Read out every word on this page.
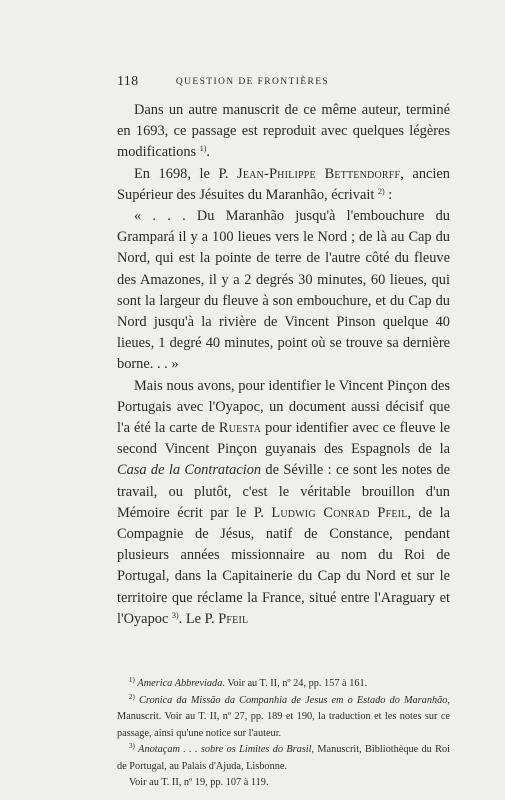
118	QUESTION DE FRONTIÈRES

Dans un autre manuscrit de ce même auteur, terminé en 1693, ce passage est reproduit avec quelques légères modifications $^{1)}$.

En 1698, le P. Jean-Philippe Bettendorff, ancien Supérieur des Jésuites du Maranhão, écrivait $^{2)}$ :

« . . . Du Maranhão jusqu'à l'embouchure du Grampará il y a 100 lieues vers le Nord ; de là au Cap du Nord, qui est la pointe de terre de l'autre côté du fleuve des Amazones, il y a 2 degrés 30 minutes, 60 lieues, qui sont la largeur du fleuve à son embouchure, et du Cap du Nord jusqu'à la rivière de Vincent Pinson quelque 40 lieues, 1 degré 40 minutes, point où se trouve sa dernière borne. . . »

Mais nous avons, pour identifier le Vincent Pinçon des Portugais avec l'Oyapoc, un document aussi décisif que l'a été la carte de Ruesta pour identifier avec ce fleuve le second Vincent Pinçon guyanais des Espagnols de la Casa de la Contratacion de Séville : ce sont les notes de travail, ou plutôt, c'est le véritable brouillon d'un Mémoire écrit par le P. Ludwig Conrad Pfeil, de la Compagnie de Jésus, natif de Constance, pendant plusieurs années missionnaire au nom du Roi de Portugal, dans la Capitainerie du Cap du Nord et sur le territoire que réclame la France, situé entre l'Araguary et l'Oyapoc $^{3)}$. Le P. Pfeil

$^{1)}$ America Abbreviada. Voir au T. II, nº 24, pp. 157 à 161.

$^{2)}$ Cronica da Missão da Companhia de Jesus em o Estado do Maranhão, Manuscrit. Voir au T. II, nº 27, pp. 189 et 190, la traduction et les notes sur ce passage, ainsi qu'une notice sur l'auteur.

$^{3)}$ Anotaçam . . . sobre os Limites do Brasil, Manuscrit, Bibliothèque du Roi de Portugal, au Palais d'Ajuda, Lisbonne.

Voir au T. II, nº 19, pp. 107 à 119.
